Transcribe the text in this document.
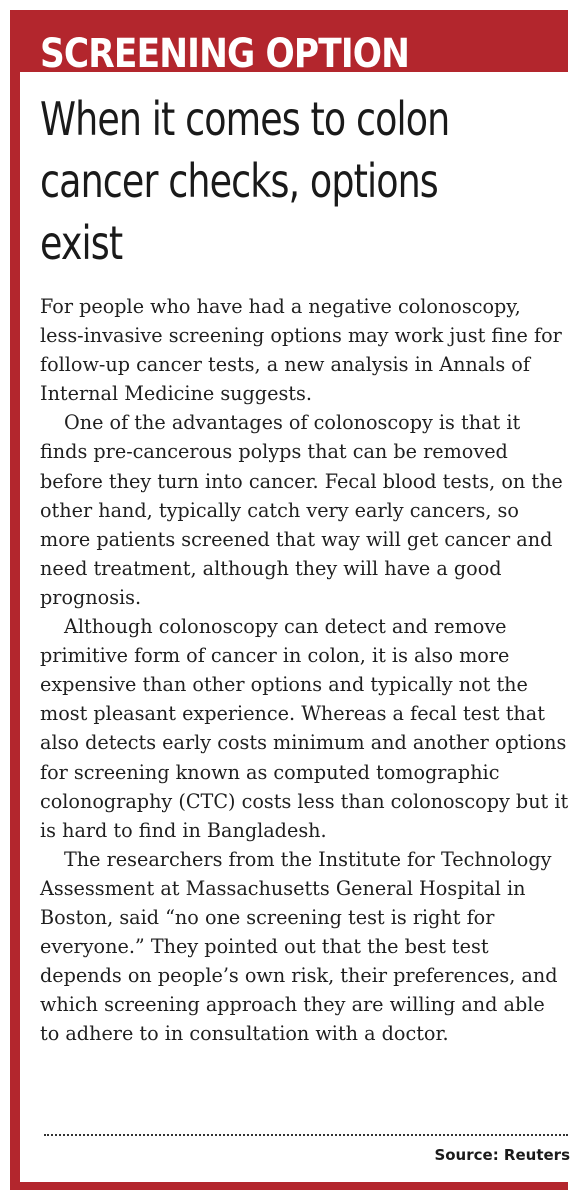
SCREENING OPTION
When it comes to colon cancer checks, options exist

For people who have had a negative colonoscopy, less-invasive screening options may work just fine for follow-up cancer tests, a new analysis in Annals of Internal Medicine suggests.

One of the advantages of colonoscopy is that it finds pre-cancerous polyps that can be removed before they turn into cancer. Fecal blood tests, on the other hand, typically catch very early cancers, so more patients screened that way will get cancer and need treatment, although they will have a good prognosis.

Although colonoscopy can detect and remove primitive form of cancer in colon, it is also more expensive than other options and typically not the most pleasant experience. Whereas a fecal test that also detects early costs minimum and another options for screening known as computed tomographic colonography (CTC) costs less than colonoscopy but it is hard to find in Bangladesh.

The researchers from the Institute for Technology Assessment at Massachusetts General Hospital in Boston, said “no one screening test is right for everyone.” They pointed out that the best test depends on people’s own risk, their preferences, and which screening approach they are willing and able to adhere to in consultation with a doctor.

Source: Reuters
